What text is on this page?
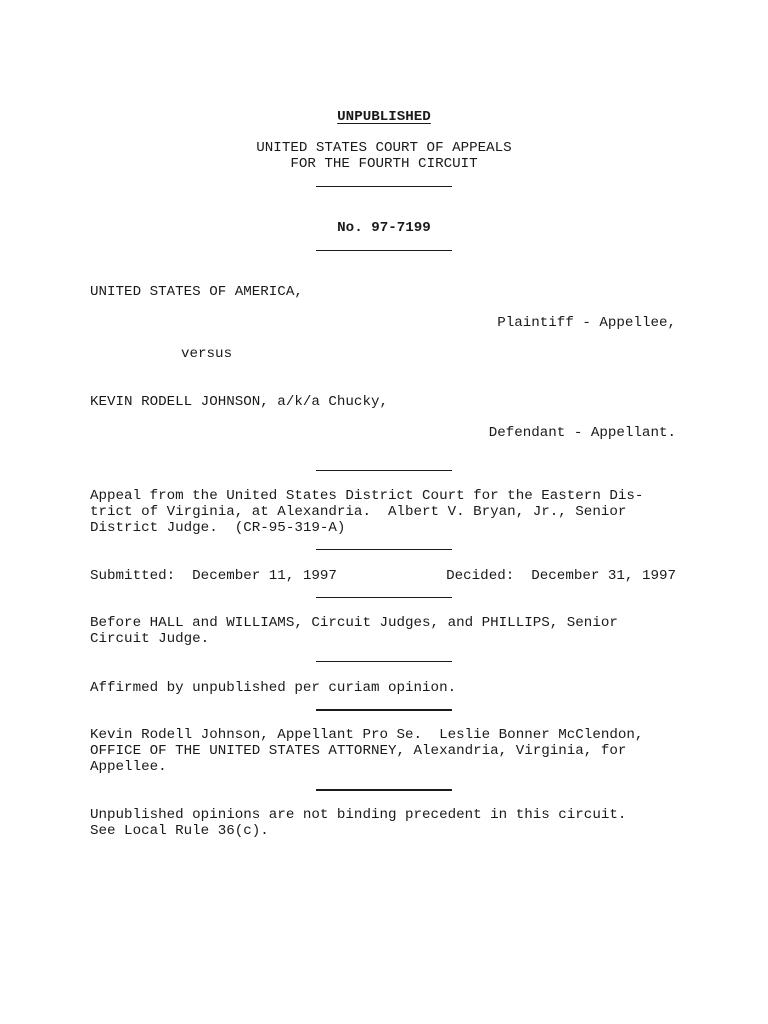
UNPUBLISHED
UNITED STATES COURT OF APPEALS
FOR THE FOURTH CIRCUIT
No. 97-7199
UNITED STATES OF AMERICA,
Plaintiff - Appellee,
versus
KEVIN RODELL JOHNSON, a/k/a Chucky,
Defendant - Appellant.
Appeal from the United States District Court for the Eastern Dis-
trict of Virginia, at Alexandria.  Albert V. Bryan, Jr., Senior
District Judge.  (CR-95-319-A)
Submitted:  December 11, 1997	Decided:  December 31, 1997
Before HALL and WILLIAMS, Circuit Judges, and PHILLIPS, Senior
Circuit Judge.
Affirmed by unpublished per curiam opinion.
Kevin Rodell Johnson, Appellant Pro Se.  Leslie Bonner McClendon,
OFFICE OF THE UNITED STATES ATTORNEY, Alexandria, Virginia, for
Appellee.
Unpublished opinions are not binding precedent in this circuit.
See Local Rule 36(c).
